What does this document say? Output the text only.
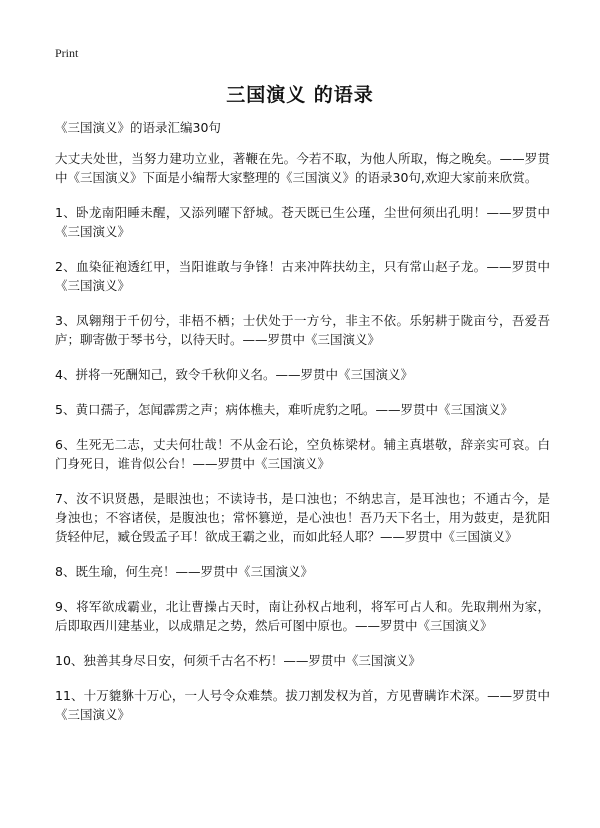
Print
三国演义 的语录
《三国演义》的语录汇编30句
大丈夫处世，当努力建功立业，著鞭在先。今若不取，为他人所取，悔之晚矣。——罗贯中《三国演义》下面是小编帮大家整理的《三国演义》的语录30句,欢迎大家前来欣赏。
1、卧龙南阳睡未醒，又添列曜下舒城。苍天既已生公瑾，尘世何须出孔明！——罗贯中《三国演义》
2、血染征袍透红甲，当阳谁敢与争锋！古来冲阵扶幼主，只有常山赵子龙。——罗贯中《三国演义》
3、凤翱翔于千仞兮，非梧不栖；士伏处于一方兮，非主不依。乐躬耕于陇亩兮，吾爱吾庐；聊寄傲于琴书兮，以待天时。——罗贯中《三国演义》
4、拼将一死酬知己，致令千秋仰义名。——罗贯中《三国演义》
5、黄口孺子，怎闻霹雳之声；病体樵夫，难听虎豹之吼。——罗贯中《三国演义》
6、生死无二志，丈夫何壮哉！不从金石论，空负栋梁材。辅主真堪敬，辞亲实可哀。白门身死日，谁肯似公台！——罗贯中《三国演义》
7、汝不识贤愚，是眼浊也；不读诗书，是口浊也；不纳忠言，是耳浊也；不通古今，是身浊也；不容诸侯，是腹浊也；常怀篡逆，是心浊也！吾乃天下名士，用为鼓吏，是犹阳货轻仲尼，臧仓毁孟子耳！欲成王霸之业，而如此轻人耶？——罗贯中《三国演义》
8、既生瑜，何生亮！——罗贯中《三国演义》
9、将军欲成霸业，北让曹操占天时，南让孙权占地利，将军可占人和。先取荆州为家，后即取西川建基业，以成鼎足之势，然后可图中原也。——罗贯中《三国演义》
10、独善其身尽日安，何须千古名不朽！——罗贯中《三国演义》
11、十万貔貅十万心，一人号令众难禁。拔刀割发权为首，方见曹瞒诈术深。——罗贯中《三国演义》
